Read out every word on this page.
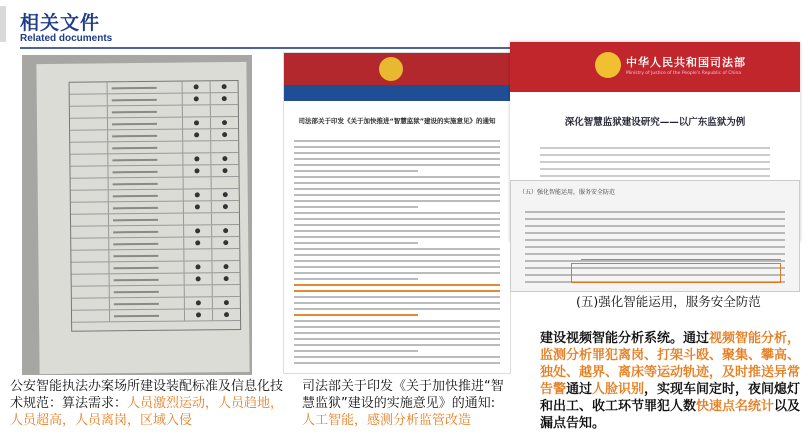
相关文件
Related documents
司法部关于印发《关于加快推进“智慧监狱”建设的实施意见》的通知
中华人民共和国司法部
Ministry of Justice of the People's Republic of China
深化智慧监狱建设研究——以广东监狱为例
（五）强化智能运用，服务安全防范
(五)强化智能运用，服务安全防范
公安智能执法办案场所建设装配标准及信息化技术规范：算法需求：人员激烈运动，人员趋地，人员超高，人员离岗，区域入侵
司法部关于印发《关于加快推进“智慧监狱”建设的实施意见》的通知: 人工智能，感测分析监管改造
建设视频智能分析系统。通过视频智能分析，监测分析罪犯离岗、打架斗殴、聚集、攀高、独处、越界、离床等运动轨迹，及时推送异常告警通过人脸识别，实现车间定时，夜间熄灯和出工、收工环节罪犯人数快速点名统计以及漏点告知。
